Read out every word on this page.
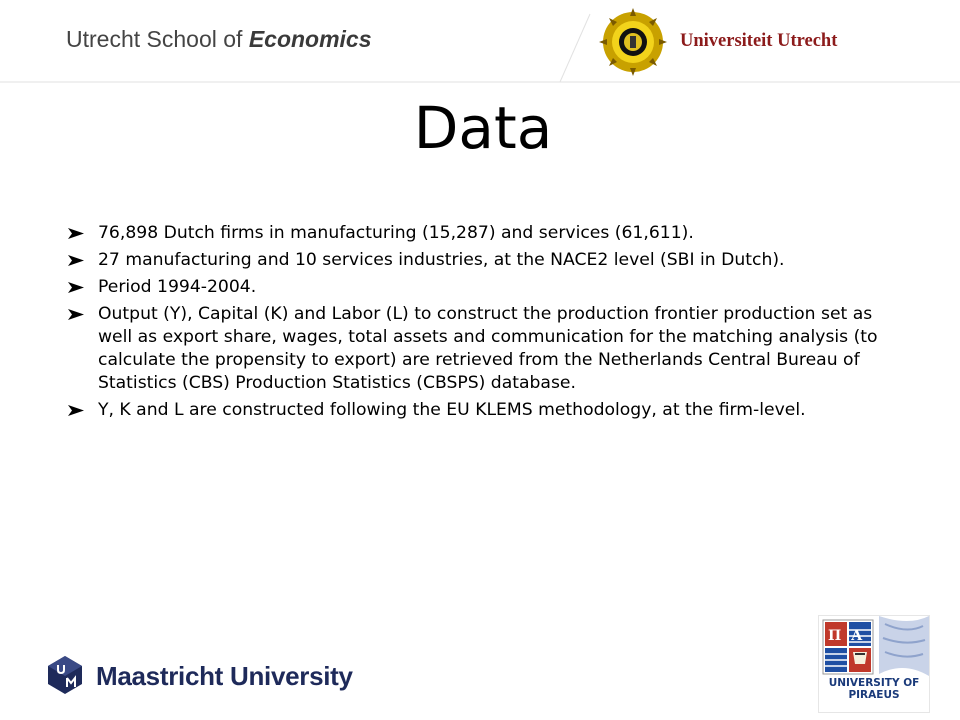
Utrecht School of Economics	Universiteit Utrecht
Data
76,898 Dutch firms in manufacturing (15,287) and services (61,611).
27 manufacturing and 10 services industries, at the NACE2 level (SBI in Dutch).
Period 1994-2004.
Output (Y), Capital (K) and Labor (L) to construct the production frontier production set as well as export share, wages, total assets and communication for the matching analysis (to calculate the propensity to export) are retrieved from the Netherlands Central Bureau of Statistics (CBS) Production Statistics (CBSPS) database.
Y, K and L are constructed following the EU KLEMS methodology, at the firm-level.
Maastricht University
ΠΑ
UNIVERSITY OF PIRAEUS
